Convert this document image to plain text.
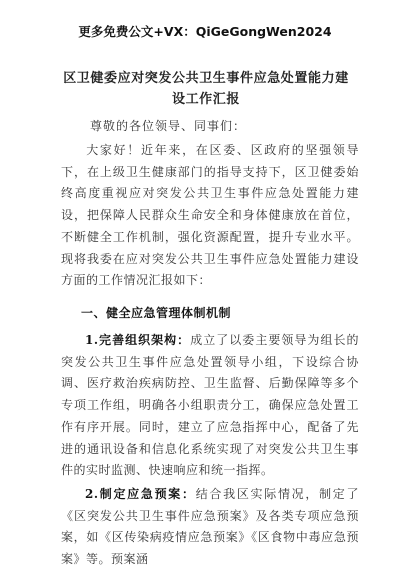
更多免费公文+VX：QiGeGongWen2024
区卫健委应对突发公共卫生事件应急处置能力建设工作汇报
尊敬的各位领导、同事们：
大家好！近年来，在区委、区政府的坚强领导下，在上级卫生健康部门的指导支持下，区卫健委始终高度重视应对突发公共卫生事件应急处置能力建设，把保障人民群众生命安全和身体健康放在首位，不断健全工作机制，强化资源配置，提升专业水平。现将我委在应对突发公共卫生事件应急处置能力建设方面的工作情况汇报如下：
一、健全应急管理体制机制
1.完善组织架构：成立了以委主要领导为组长的突发公共卫生事件应急处置领导小组，下设综合协调、医疗救治疾病防控、卫生监督、后勤保障等多个专项工作组，明确各小组职责分工，确保应急处置工作有序开展。同时，建立了应急指挥中心，配备了先进的通讯设备和信息化系统实现了对突发公共卫生事件的实时监测、快速响应和统一指挥。
2.制定应急预案：结合我区实际情况，制定了《区突发公共卫生事件应急预案》及各类专项应急预案，如《区传染病疫情应急预案》《区食物中毒应急预案》等。预案涵
